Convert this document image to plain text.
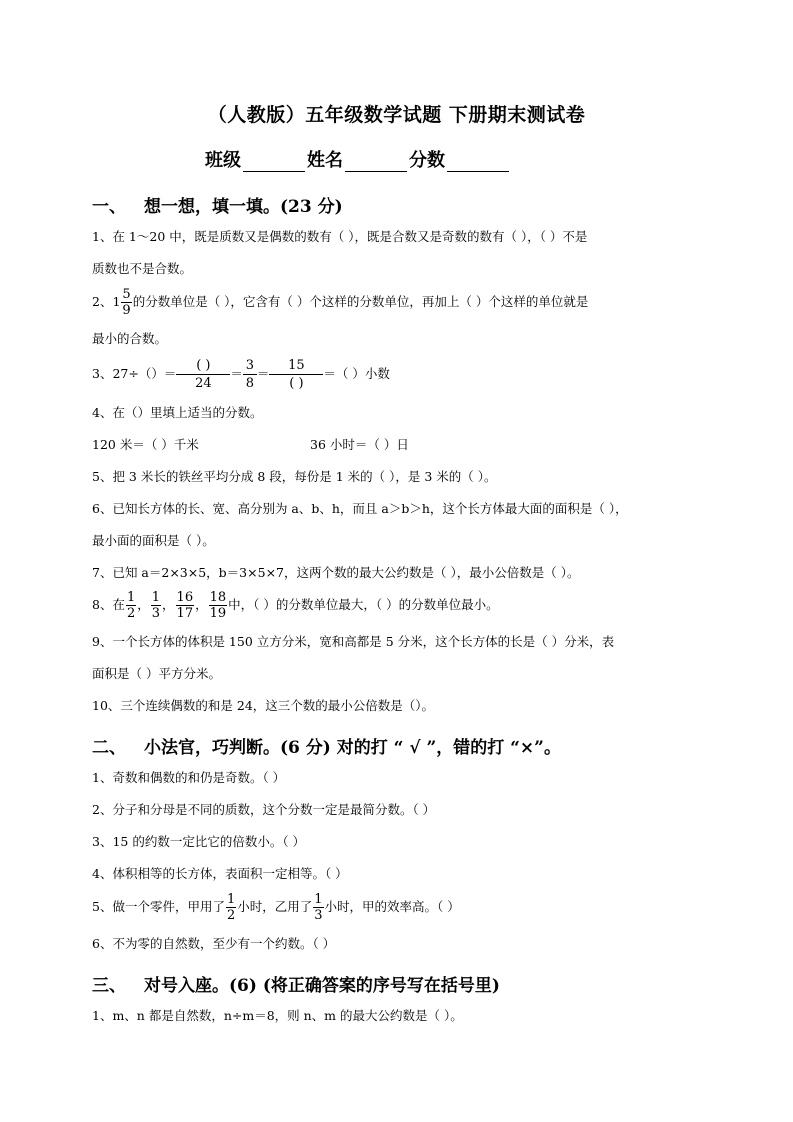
（人教版）五年级数学试题 下册期末测试卷
班级	姓名	分数
一、 想一想，填一填。(23 分)
1、在 1～20 中，既是质数又是偶数的数有（ ），既是合数又是奇数的数有（ ），（ ）不是
质数也不是合数。
2、$1 \frac{5}{9}$ 的分数单位是（ ），它含有（ ）个这样的分数单位，再加上（ ）个这样的单位就是
最小的合数。
3、27÷（）＝
( )
24
＝ $\frac{3}{8}$ ＝
15
( )
＝（ ）小数
4、在（）里填上适当的分数。
120 米＝（ ）千米	36 小时＝（ ）日
5、把 3 米长的铁丝平均分成 8 段，每份是 1 米的（ ），是 3 米的（ ）。
6、已知长方体的长、宽、高分别为 a、b、h，而且 a＞b＞h，这个长方体最大面的面积是（ ），
最小面的面积是（ ）。
7、已知 a＝2×3×5，b＝3×5×7，这两个数的最大公约数是（ ），最小公倍数是（ ）。
8、在 $\frac{1}{2}$ ， $\frac{1}{3}$ ， $\frac{16}{17}$ ， $\frac{18}{19}$ 中，（ ）的分数单位最大，（ ）的分数单位最小。
9、一个长方体的体积是 150 立方分米，宽和高都是 5 分米，这个长方体的长是（ ）分米，表
面积是（ ）平方分米。
10、三个连续偶数的和是 24，这三个数的最小公倍数是（）。
二、 小法官，巧判断。(6 分) 对的打 “ √ ”，错的打 “×”。
1、奇数和偶数的和仍是奇数。（ ）
2、分子和分母是不同的质数，这个分数一定是最简分数。（ ）
3、15 的约数一定比它的倍数小。（ ）
4、体积相等的长方体，表面积一定相等。（ ）
5、做一个零件，甲用了 $\frac{1}{2}$ 小时，乙用了 $\frac{1}{3}$ 小时，甲的效率高。（ ）
6、不为零的自然数，至少有一个约数。（ ）
三、 对号入座。(6) (将正确答案的序号写在括号里)
1、m、n 都是自然数，n÷m＝8，则 n、m 的最大公约数是（ ）。
